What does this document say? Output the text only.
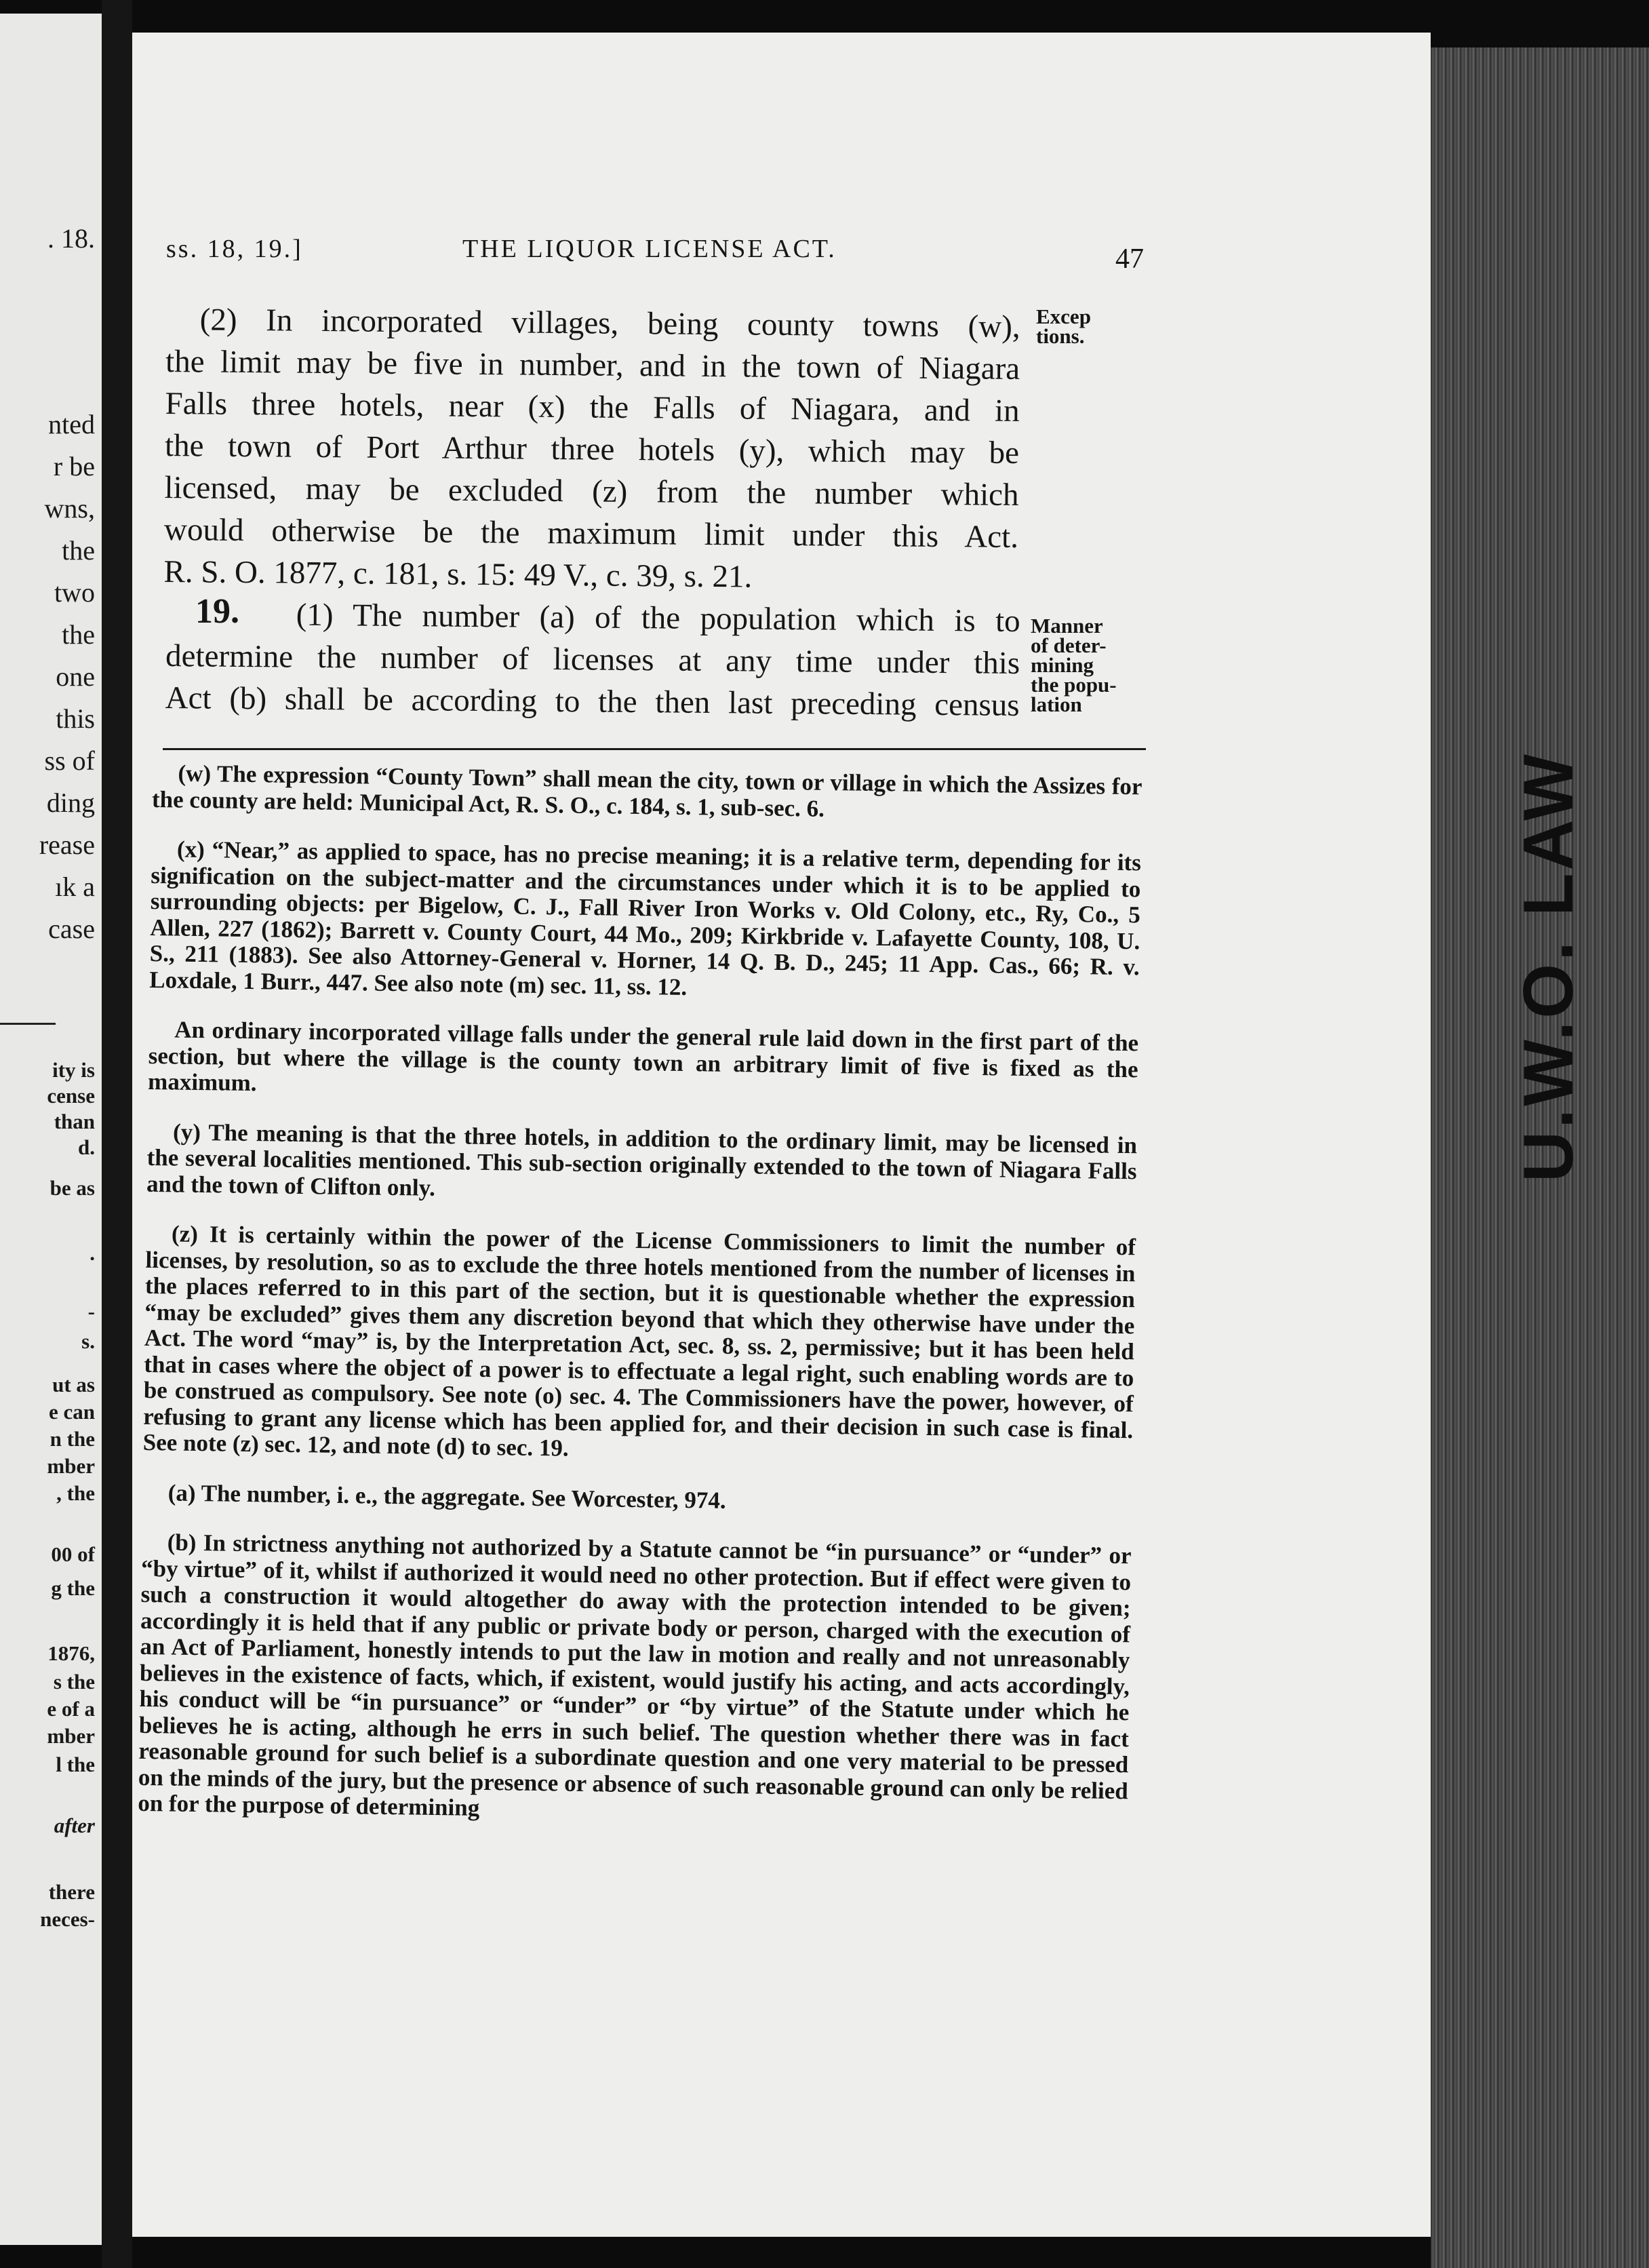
. 18.
nted
r be
wns,
the
two
the
one
this
ss of
ding
rease
ık a
case
ity is
cense
than
d.
be as
.
-
s.
ut as
e can
n the
mber
, the
00 of
g the
1876,
s the
e of a
mber
l the
after
there
neces-
U.W.O. LAW
ss. 18, 19.]	THE LIQUOR LICENSE ACT.	47
(2) In incorporated villages, being county towns (w),
the limit may be five in number, and in the town of Niagara
Falls three hotels, near (x) the Falls of Niagara, and in
the town of Port Arthur three hotels (y), which may be
licensed, may be excluded (z) from the number which
would otherwise be the maximum limit under this Act.
R. S. O. 1877, c. 181, s. 15: 49 V., c. 39, s. 21.
Excep
tions.
19.	(1) The number (a) of the population which is to
determine the number of licenses at any time under this
Act (b) shall be according to the then last preceding census
Manner
of deter-
mining
the popu-
lation

(w) The expression “County Town” shall mean the city, town or village in which the Assizes for the county are held: Municipal Act, R. S. O., c. 184, s. 1, sub-sec. 6.

(x) “Near,” as applied to space, has no precise meaning; it is a relative term, depending for its signification on the subject-matter and the circumstances under which it is to be applied to surrounding objects: per Bigelow, C. J., Fall River Iron Works v. Old Colony, etc., Ry, Co., 5 Allen, 227 (1862); Barrett v. County Court, 44 Mo., 209; Kirkbride v. Lafayette County, 108, U. S., 211 (1883). See also Attorney-General v. Horner, 14 Q. B. D., 245; 11 App. Cas., 66; R. v. Loxdale, 1 Burr., 447. See also note (m) sec. 11, ss. 12.

An ordinary incorporated village falls under the general rule laid down in the first part of the section, but where the village is the county town an arbitrary limit of five is fixed as the maximum.

(y) The meaning is that the three hotels, in addition to the ordinary limit, may be licensed in the several localities mentioned. This sub-section originally extended to the town of Niagara Falls and the town of Clifton only.

(z) It is certainly within the power of the License Commissioners to limit the number of licenses, by resolution, so as to exclude the three hotels mentioned from the number of licenses in the places referred to in this part of the section, but it is questionable whether the expression “may be excluded” gives them any discretion beyond that which they otherwise have under the Act. The word “may” is, by the Interpretation Act, sec. 8, ss. 2, permissive; but it has been held that in cases where the object of a power is to effectuate a legal right, such enabling words are to be construed as compulsory. See note (o) sec. 4. The Commissioners have the power, however, of refusing to grant any license which has been applied for, and their decision in such case is final. See note (z) sec. 12, and note (d) to sec. 19.

(a) The number, i. e., the aggregate. See Worcester, 974.

(b) In strictness anything not authorized by a Statute cannot be “in pursuance” or “under” or “by virtue” of it, whilst if authorized it would need no other protection. But if effect were given to such a construction it would altogether do away with the protection intended to be given; accordingly it is held that if any public or private body or person, charged with the execution of an Act of Parliament, honestly intends to put the law in motion and really and not unreasonably believes in the existence of facts, which, if existent, would justify his acting, and acts accordingly, his conduct will be “in pursuance” or “under” or “by virtue” of the Statute under which he believes he is acting, although he errs in such belief. The question whether there was in fact reasonable ground for such belief is a subordinate question and one very material to be pressed on the minds of the jury, but the presence or absence of such reasonable ground can only be relied on for the purpose of determining
